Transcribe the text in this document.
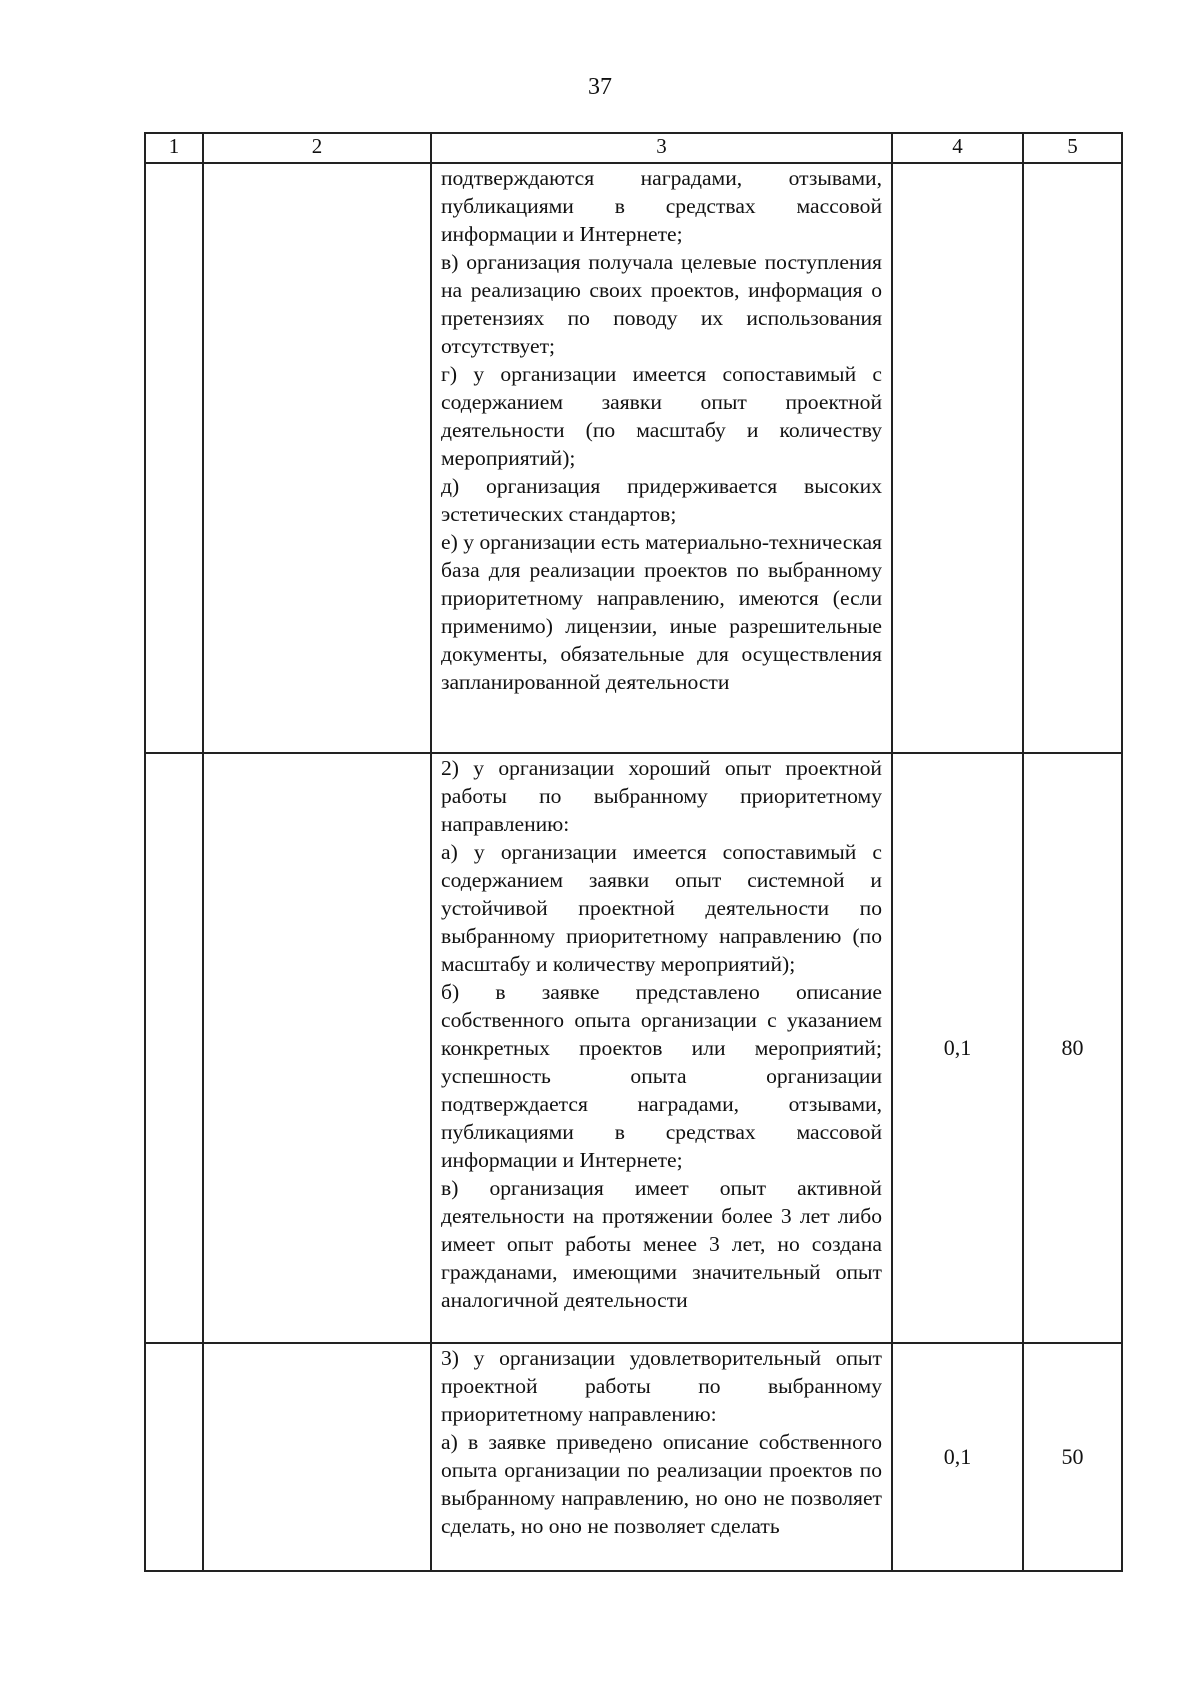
37
1	2	3	4	5

		подтверждаются наградами, отзывами, публикациями в средствах массовой информации и Интернете;

в) организация получала целевые поступления на реализацию своих проектов, информация о претензиях по поводу их использования отсутствует;

г) у организации имеется сопоставимый с содержанием заявки опыт проектной деятельности (по масштабу и количеству мероприятий);

д) организация придерживается высоких эстетических стандартов;

е) у организации есть материально-техническая база для реализации проектов по выбранному приоритетному направлению, имеются (если применимо) лицензии, иные разрешительные документы, обязательные для осуществления запланированной деятельности		

		2) у организации хороший опыт проектной работы по выбранному приоритетному направлению:

а) у организации имеется сопоставимый с содержанием заявки опыт системной и устойчивой проектной деятельности по выбранному приоритетному направлению (по масштабу и количеству мероприятий);

б) в заявке представлено описание собственного опыта организации с указанием конкретных проектов или мероприятий; успешность опыта организации подтверждается наградами, отзывами, публикациями в средствах массовой информации и Интернете;

в) организация имеет опыт активной деятельности на протяжении более 3 лет либо имеет опыт работы менее 3 лет, но создана гражданами, имеющими значительный опыт аналогичной деятельности	0,1	80

		3) у организации удовлетворительный опыт проектной работы по выбранному приоритетному направлению:

а) в заявке приведено описание собственного опыта организации по реализации проектов по выбранному направлению, но оно не позволяет сделать, но оно не позволяет сделать	0,1	50
